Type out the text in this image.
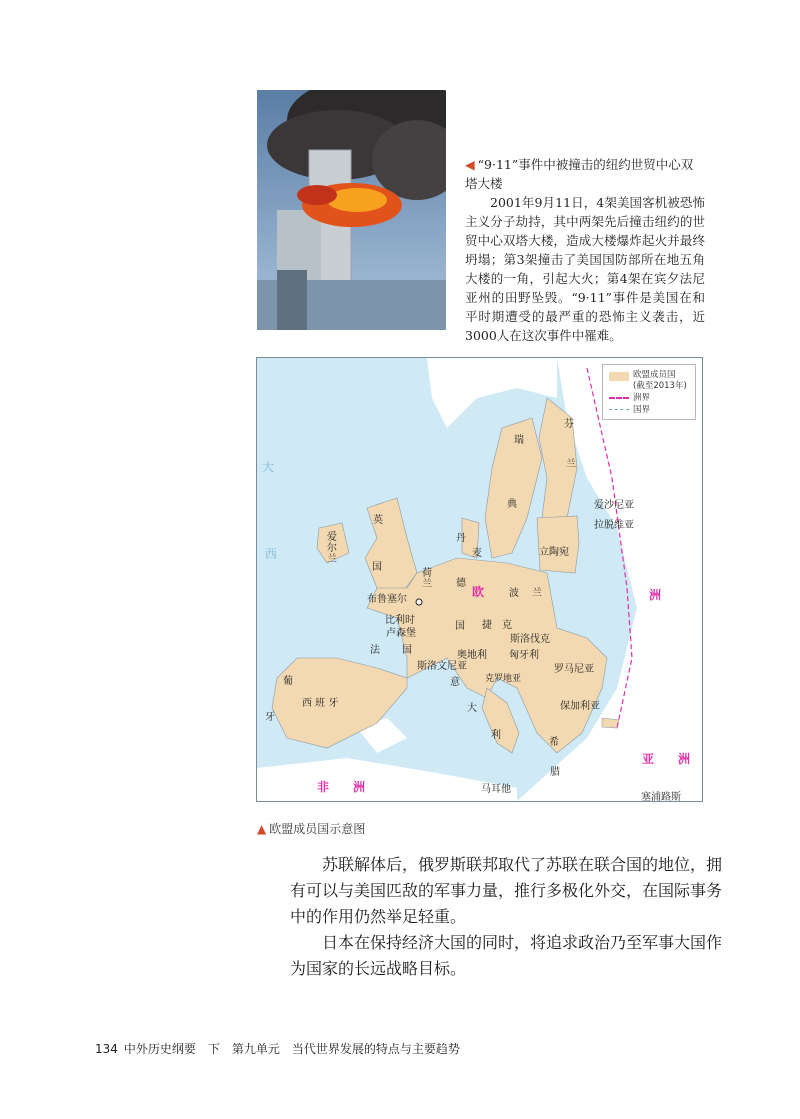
◀ “9·11”事件中被撞击的纽约世贸中心双塔大楼
2001年9月11日，4架美国客机被恐怖主义分子劫持，其中两架先后撞击纽约的世贸中心双塔大楼，造成大楼爆炸起火并最终坍塌；第3架撞击了美国国防部所在地五角大楼的一角，引起大火；第4架在宾夕法尼亚州的田野坠毁。“9·11”事件是美国在和平时期遭受的最严重的恐怖主义袭击，近3000人在这次事件中罹难。
欧盟成员国
(截至2013年)
洲界
国界
芬
兰
瑞
典	爱沙尼亚
拉脱维亚
立陶宛
丹
麦
英
国
爱尔兰
荷兰
布鲁塞尔
比利时
卢森堡
德
国
波 兰
捷　克
斯洛伐克
奥地利 匈牙利
罗马尼亚
保加利亚
斯洛文尼亚
克罗地亚
法 国
意
大
利
希
腊
葡
牙
西 班 牙
马耳他
塞浦路斯
大
西
欧	洲
亚　洲
非　洲
▲ 欧盟成员国示意图

苏联解体后，俄罗斯联邦取代了苏联在联合国的地位，拥有可以与美国匹敌的军事力量，推行多极化外交，在国际事务中的作用仍然举足轻重。

日本在保持经济大国的同时，将追求政治乃至军事大国作为国家的长远战略目标。

134 中外历史纲要　下　第九单元　当代世界发展的特点与主要趋势
